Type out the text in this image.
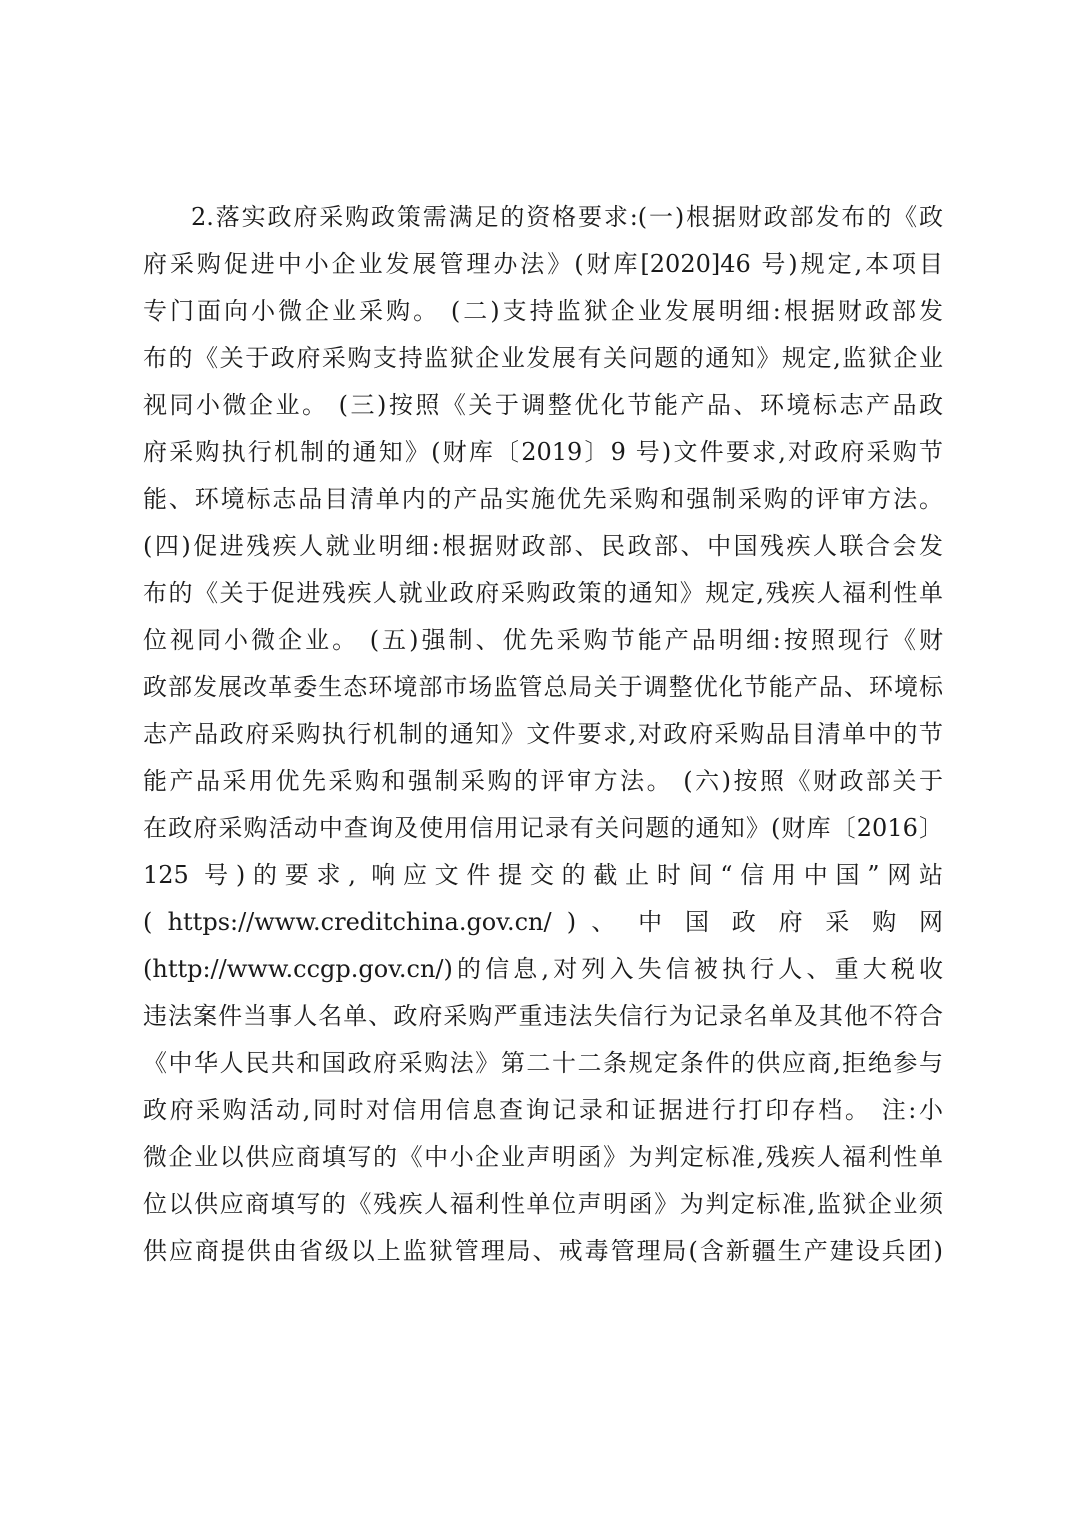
2.落实政府采购政策需满足的资格要求:(一)根据财政部发布的《政
府采购促进中小企业发展管理办法》(财库[2020]46 号)规定,本项目
专门面向小微企业采购。 (二)支持监狱企业发展明细:根据财政部发
布的《关于政府采购支持监狱企业发展有关问题的通知》规定,监狱企业
视同小微企业。 (三)按照《关于调整优化节能产品、环境标志产品政
府采购执行机制的通知》(财库〔2019〕9 号)文件要求,对政府采购节
能、环境标志品目清单内的产品实施优先采购和强制采购的评审方法。
(四)促进残疾人就业明细:根据财政部、民政部、中国残疾人联合会发
布的《关于促进残疾人就业政府采购政策的通知》规定,残疾人福利性单
位视同小微企业。 (五)强制、优先采购节能产品明细:按照现行《财
政部发展改革委生态环境部市场监管总局关于调整优化节能产品、环境标
志产品政府采购执行机制的通知》文件要求,对政府采购品目清单中的节
能产品采用优先采购和强制采购的评审方法。 (六)按照《财政部关于
在政府采购活动中查询及使用信用记录有关问题的通知》(财库〔2016〕
125 号)的要求, 响应文件提交的截止时间“信用中国”网站
( https://www.creditchina.gov.cn/ ) 、 中 国 政 府 采 购 网
(http://www.ccgp.gov.cn/)的信息,对列入失信被执行人、重大税收
违法案件当事人名单、政府采购严重违法失信行为记录名单及其他不符合
《中华人民共和国政府采购法》第二十二条规定条件的供应商,拒绝参与
政府采购活动,同时对信用信息查询记录和证据进行打印存档。 注:小
微企业以供应商填写的《中小企业声明函》为判定标准,残疾人福利性单
位以供应商填写的《残疾人福利性单位声明函》为判定标准,监狱企业须
供应商提供由省级以上监狱管理局、戒毒管理局(含新疆生产建设兵团)
